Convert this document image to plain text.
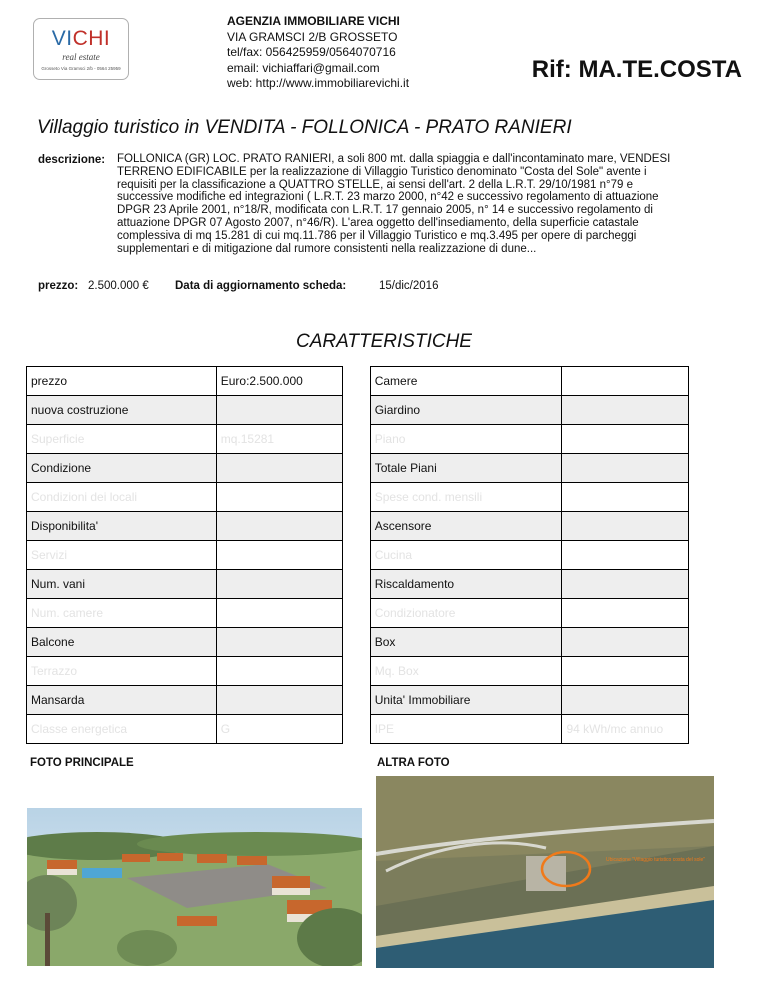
VICHI
real estate
Grosseto Via Gramsci 2/b - 0564 25959
AGENZIA IMMOBILIARE VICHI
VIA GRAMSCI 2/B GROSSETO
tel/fax: 056425959/0564070716
email: vichiaffari@gmail.com
web: http://www.immobiliarevichi.it	Rif: MA.TE.COSTA
Villaggio turistico in VENDITA - FOLLONICA - PRATO RANIERI
descrizione: FOLLONICA (GR) LOC. PRATO RANIERI, a soli 800 mt. dalla spiaggia e dall'incontaminato mare, VENDESI
TERRENO EDIFICABILE per la realizzazione di Villaggio Turistico denominato "Costa del Sole" avente i
requisiti per la classificazione a QUATTRO STELLE, ai sensi dell'art. 2 della L.R.T. 29/10/1981 n°79 e
successive modifiche ed integrazioni ( L.R.T. 23 marzo 2000, n°42 e successivo regolamento di attuazione
DPGR 23 Aprile 2001, n°18/R, modificata con L.R.T. 17 gennaio 2005, n° 14 e successivo regolamento di
attuazione DPGR 07 Agosto 2007, n°46/R). L'area oggetto dell'insediamento, della superficie catastale
complessiva di mq 15.281 di cui mq.11.786 per il Villaggio Turistico e mq.3.495 per opere di parcheggi
supplementari e di mitigazione dal rumore consistenti nella realizzazione di dune...
prezzo: 2.500.000 € Data di aggiornamento scheda:	15/dic/2016
CARATTERISTICHE
prezzo	Euro:2.500.000		Camere	
nuova costruzione			Giardino	
Superficie	mq.15281		Piano	
Condizione			Totale Piani	
Condizioni dei locali			Spese cond. mensili	
Disponibilita'			Ascensore	
Servizi			Cucina	
Num. vani			Riscaldamento	
Num. camere			Condizionatore	
Balcone			Box	
Terrazzo			Mq. Box	
Mansarda			Unita' Immobiliare	
Classe energetica	G		IPE	94 kWh/mc annuo
FOTO PRINCIPALE	ALTRA FOTO
Ubicazione "Villaggio turistico costa del sole"
